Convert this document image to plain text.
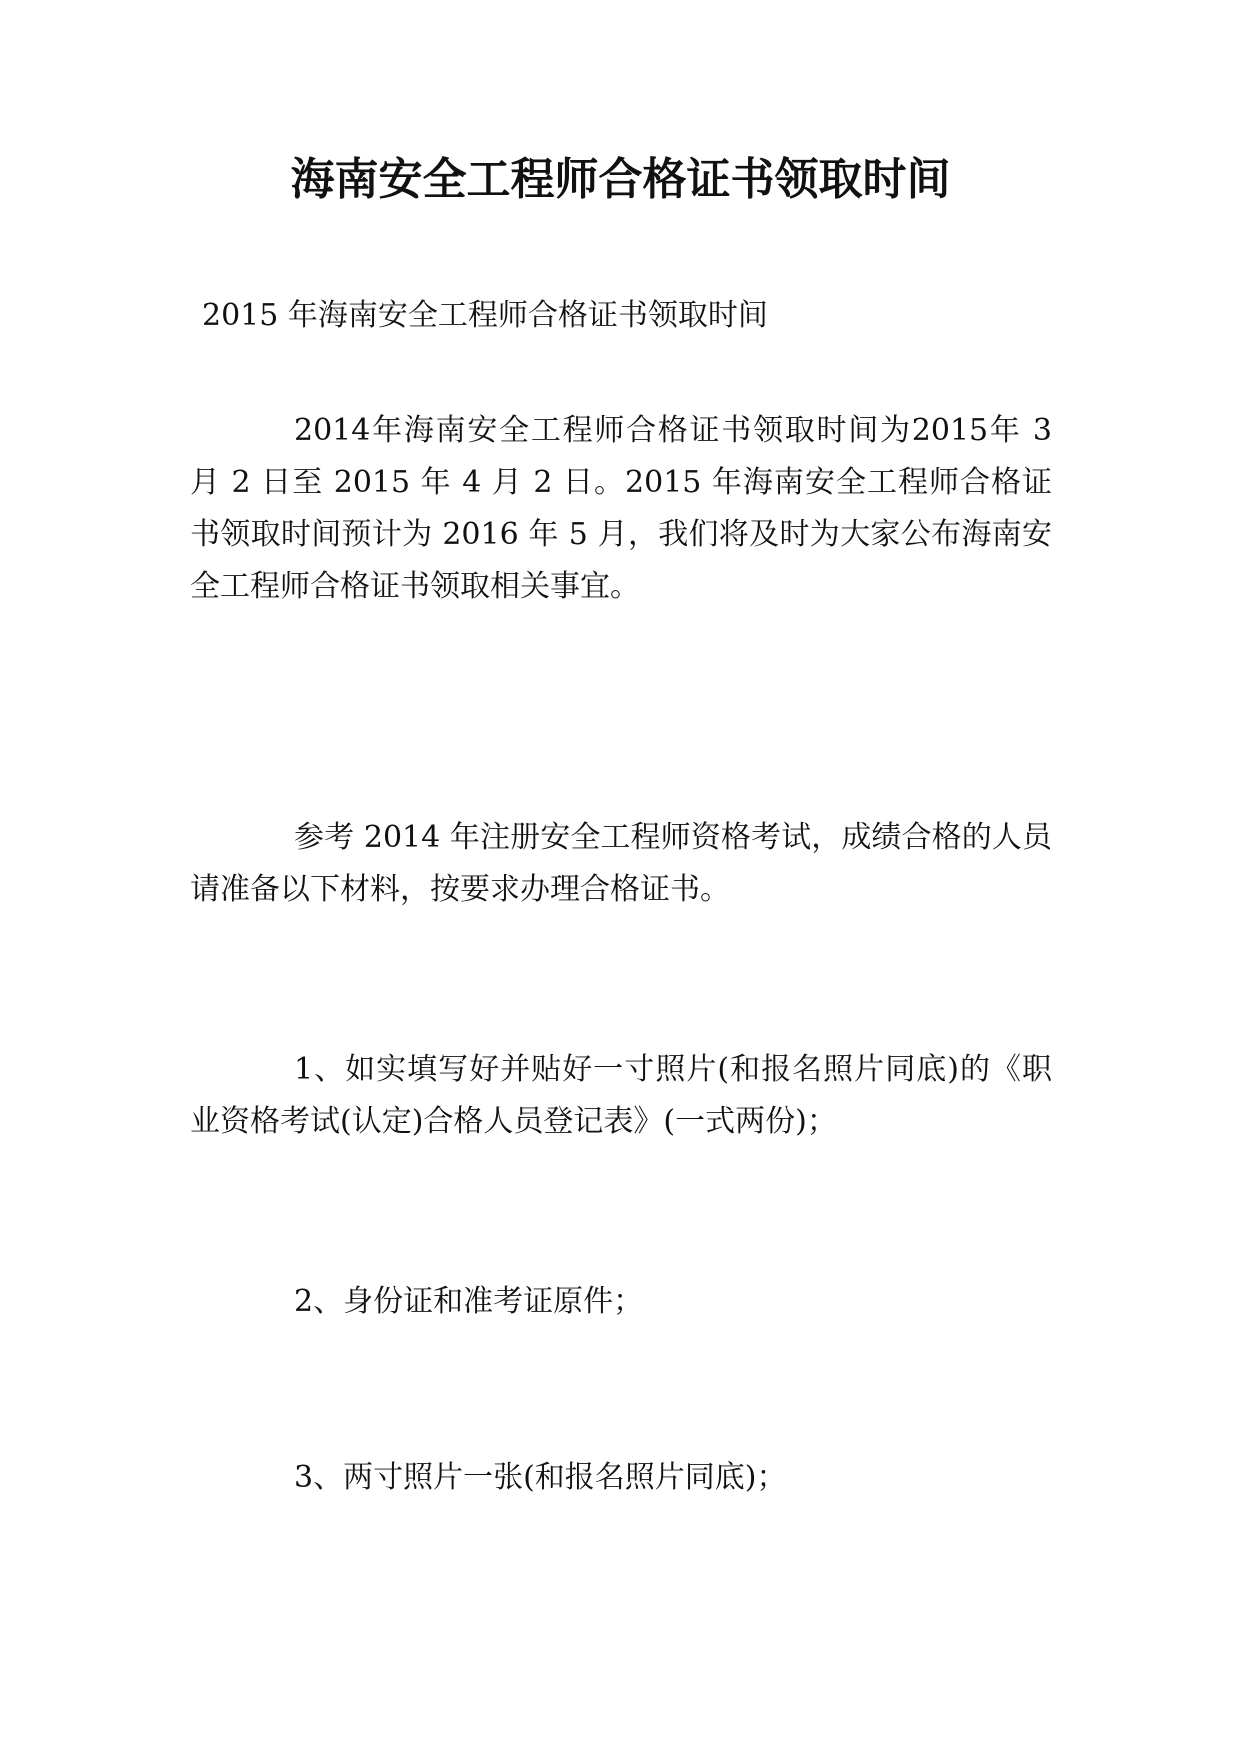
海南安全工程师合格证书领取时间

2015 年海南安全工程师合格证书领取时间

2014年海南安全工程师合格证书领取时间为2015年 3 月 2 日至 2015 年 4 月 2 日。2015 年海南安全工程师合格证书领取时间预计为 2016 年 5 月，我们将及时为大家公布海南安全工程师合格证书领取相关事宜。

参考 2014 年注册安全工程师资格考试，成绩合格的人员请准备以下材料，按要求办理合格证书。

1、如实填写好并贴好一寸照片(和报名照片同底)的《职业资格考试(认定)合格人员登记表》(一式两份)；

2、身份证和准考证原件；

3、两寸照片一张(和报名照片同底)；
